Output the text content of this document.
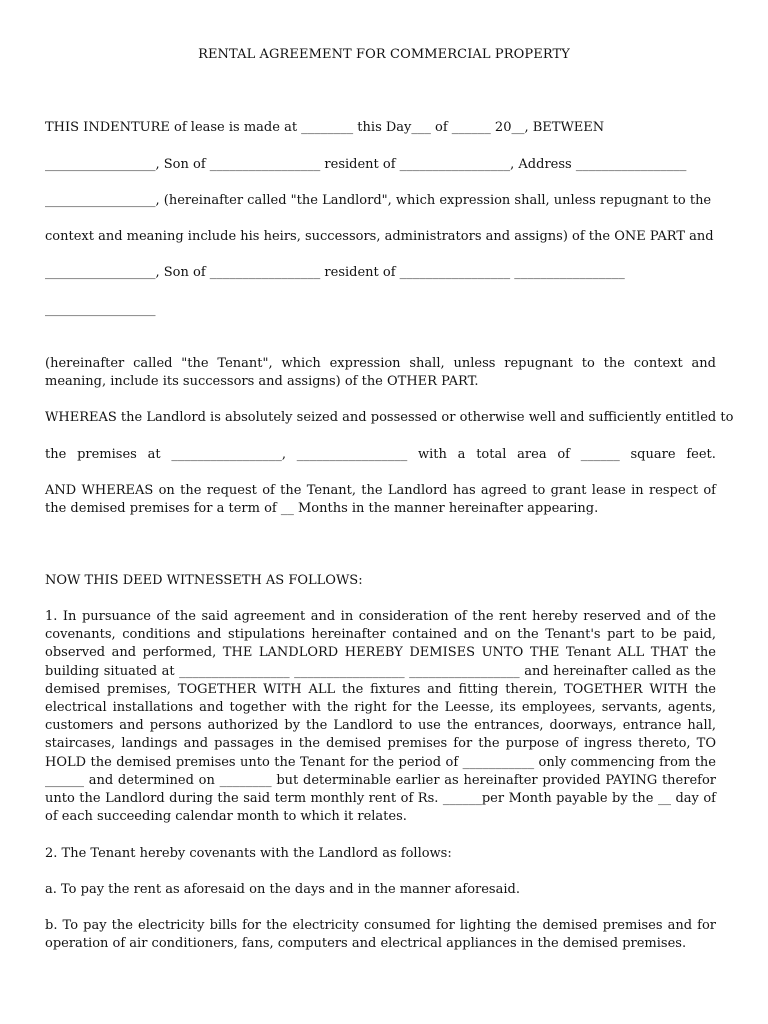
RENTAL AGREEMENT FOR COMMERCIAL PROPERTY
THIS INDENTURE of lease is made at ________ this Day___ of ______ 20__, BETWEEN
_________________, Son of _________________ resident of _________________, Address _________________
_________________, (hereinafter called "the Landlord", which expression shall, unless repugnant to the
context and meaning include his heirs, successors, administrators and assigns) of the ONE PART and
_________________, Son of _________________ resident of _________________ _________________
_________________
(hereinafter called "the Tenant", which expression shall, unless repugnant to the context and meaning, include its successors and assigns) of the OTHER PART.
WHEREAS the Landlord is absolutely seized and possessed or otherwise well and sufficiently entitled to
the premises at _________________, _________________ with a total area of ______ square feet.
AND WHEREAS on the request of the Tenant, the Landlord has agreed to grant lease in respect of the demised premises for a term of __ Months in the manner hereinafter appearing.
NOW THIS DEED WITNESSETH AS FOLLOWS:
1. In pursuance of the said agreement and in consideration of the rent hereby reserved and of the covenants, conditions and stipulations hereinafter contained and on the Tenant's part to be paid, observed and performed, THE LANDLORD HEREBY DEMISES UNTO THE Tenant ALL THAT the building situated at _________________ _________________ _________________ and hereinafter called as the demised premises, TOGETHER WITH ALL the fixtures and fitting therein, TOGETHER WITH the electrical installations and together with the right for the Leesse, its employees, servants, agents, customers and persons authorized by the Landlord to use the entrances, doorways, entrance hall, staircases, landings and passages in the demised premises for the purpose of ingress thereto, TO HOLD the demised premises unto the Tenant for the period of ___________ only commencing from the ______ and determined on ________ but determinable earlier as hereinafter provided PAYING therefor unto the Landlord during the said term monthly rent of Rs. ______per Month payable by the __ day of of each succeeding calendar month to which it relates.
2. The Tenant hereby covenants with the Landlord as follows:
a. To pay the rent as aforesaid on the days and in the manner aforesaid.
b. To pay the electricity bills for the electricity consumed for lighting the demised premises and for operation of air conditioners, fans, computers and electrical appliances in the demised premises.
